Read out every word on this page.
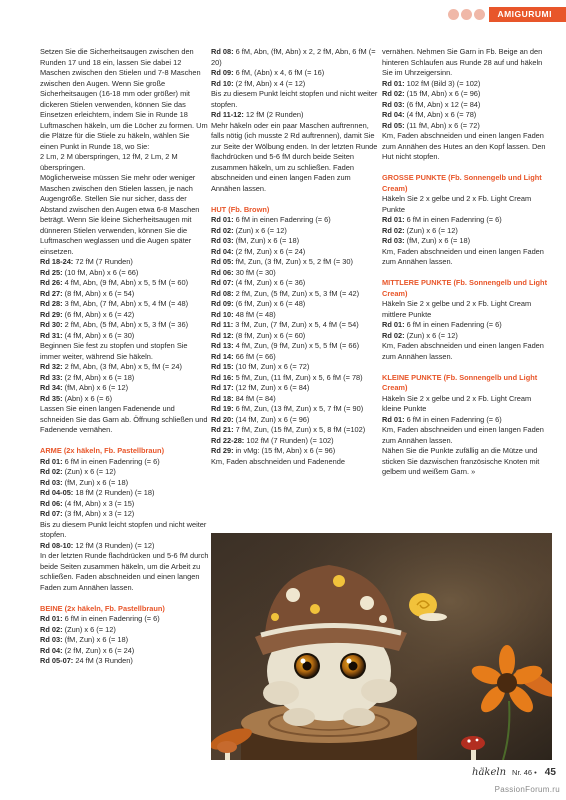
AMIGURUMI

Setzen Sie die Sicherheitsaugen zwischen den Runden 17 und 18 ein, lassen Sie dabei 12 Maschen zwischen den Stielen und 7-8 Maschen zwischen den Augen. Wenn Sie große Sicherheitsaugen (16-18 mm oder größer) mit dickeren Stielen verwenden, können Sie das Einsetzen erleichtern, indem Sie in Runde 18 Luftmaschen häkeln, um die Löcher zu formen. Um die Plätze für die Stiele zu häkeln, wählen Sie einen Punkt in Runde 18, wo Sie:

2 Lm, 2 M überspringen, 12 fM, 2 Lm, 2 M überspringen.

Möglicherweise müssen Sie mehr oder weniger Maschen zwischen den Stielen lassen, je nach Augengröße. Stellen Sie nur sicher, dass der Abstand zwischen den Augen etwa 6-8 Maschen beträgt. Wenn Sie kleine Sicherheitsaugen mit dünneren Stielen verwenden, können Sie die Luftmaschen weglassen und die Augen später einsetzen.

Rd 18-24: 72 fM (7 Runden)

Rd 25: (10 fM, Abn) x 6 (= 66)

Rd 26: 4 fM, Abn, (9 fM, Abn) x 5, 5 fM (= 60)

Rd 27: (8 fM, Abn) x 6 (= 54)

Rd 28: 3 fM, Abn, (7 fM, Abn) x 5, 4 fM (= 48)

Rd 29: (6 fM, Abn) x 6 (= 42)

Rd 30: 2 fM, Abn, (5 fM, Abn) x 5, 3 fM (= 36)

Rd 31: (4 fM, Abn) x 6 (= 30)

Beginnen Sie fest zu stopfen und stopfen Sie immer weiter, während Sie häkeln.

Rd 32: 2 fM, Abn, (3 fM, Abn) x 5, fM (= 24)

Rd 33: (2 fM, Abn) x 6 (= 18)

Rd 34: (fM, Abn) x 6 (= 12)

Rd 35: (Abn) x 6 (= 6)

Lassen Sie einen langen Fadenende und schneiden Sie das Garn ab. Öffnung schließen und Fadenende vernähen.

ARME (2x häkeln, Fb. Pastellbraun)

Rd 01: 6 fM in einen Fadenring (= 6)

Rd 02: (Zun) x 6 (= 12)

Rd 03: (fM, Zun) x 6 (= 18)

Rd 04-05: 18 fM (2 Runden) (= 18)

Rd 06: (4 fM, Abn) x 3 (= 15)

Rd 07: (3 fM, Abn) x 3 (= 12)

Bis zu diesem Punkt leicht stopfen und nicht weiter stopfen.

Rd 08-10: 12 fM (3 Runden) (= 12)

In der letzten Runde flachdrücken und 5-6 fM durch beide Seiten zusammen häkeln, um die Arbeit zu schließen. Faden abschneiden und einen langen Faden zum Annähen lassen.

BEINE (2x häkeln, Fb. Pastellbraun)

Rd 01: 6 fM in einen Fadenring (= 6)

Rd 02: (Zun) x 6 (= 12)

Rd 03: (fM, Zun) x 6 (= 18)

Rd 04: (2 fM, Zun) x 6 (= 24)

Rd 05-07: 24 fM (3 Runden)

Rd 08: 6 fM, Abn, (fM, Abn) x 2, 2 fM, Abn, 6 fM (= 20)

Rd 09: 6 fM, (Abn) x 4, 6 fM (= 16)

Rd 10: (2 fM, Abn) x 4 (= 12)

Bis zu diesem Punkt leicht stopfen und nicht weiter stopfen.

Rd 11-12: 12 fM (2 Runden)

Mehr häkeln oder ein paar Maschen auftrennen, falls nötig (ich musste 2 Rd auftrennen), damit Sie zur Seite der Wölbung enden. In der letzten Runde flachdrücken und 5-6 fM durch beide Seiten zusammen häkeln, um zu schließen. Faden abschneiden und einen langen Faden zum Annähen lassen.

HUT (Fb. Brown)

Rd 01: 6 fM in einen Fadenring (= 6)

Rd 02: (Zun) x 6 (= 12)

Rd 03: (fM, Zun) x 6 (= 18)

Rd 04: (2 fM, Zun) x 6 (= 24)

Rd 05: fM, Zun, (3 fM, Zun) x 5, 2 fM (= 30)

Rd 06: 30 fM (= 30)

Rd 07: (4 fM, Zun) x 6 (= 36)

Rd 08: 2 fM, Zun, (5 fM, Zun) x 5, 3 fM (= 42)

Rd 09: (6 fM, Zun) x 6 (= 48)

Rd 10: 48 fM (= 48)

Rd 11: 3 fM, Zun, (7 fM, Zun) x 5, 4 fM (= 54)

Rd 12: (8 fM, Zun) x 6 (= 60)

Rd 13: 4 fM, Zun, (9 fM, Zun) x 5, 5 fM (= 66)

Rd 14: 66 fM (= 66)

Rd 15: (10 fM, Zun) x 6 (= 72)

Rd 16: 5 fM, Zun, (11 fM, Zun) x 5, 6 fM (= 78)

Rd 17: (12 fM, Zun) x 6 (= 84)

Rd 18: 84 fM (= 84)

Rd 19: 6 fM, Zun, (13 fM, Zun) x 5, 7 fM (= 90)

Rd 20: (14 fM, Zun) x 6 (= 96)

Rd 21: 7 fM, Zun, (15 fM, Zun) x 5, 8 fM (=102)

Rd 22-28: 102 fM (7 Runden) (= 102)

Rd 29: in vMg: (15 fM, Abn) x 6 (= 96)

Km, Faden abschneiden und Fadenende

vernähen. Nehmen Sie Garn in Fb. Beige an den hinteren Schlaufen aus Runde 28 auf und häkeln Sie im Uhrzeigersinn.

Rd 01: 102 fM (Bild 3) (= 102)

Rd 02: (15 fM, Abn) x 6 (= 96)

Rd 03: (6 fM, Abn) x 12 (= 84)

Rd 04: (4 fM, Abn) x 6 (= 78)

Rd 05: (11 fM, Abn) x 6 (= 72)

Km, Faden abschneiden und einen langen Faden zum Annähen des Hutes an den Kopf lassen. Den Hut nicht stopfen.

GROSSE PUNKTE (Fb. Sonnengelb und Light Cream)

Häkeln Sie 2 x gelbe und 2 x Fb. Light Cream Punkte

Rd 01: 6 fM in einen Fadenring (= 6)

Rd 02: (Zun) x 6 (= 12)

Rd 03: (fM, Zun) x 6 (= 18)

Km, Faden abschneiden und einen langen Faden zum Annähen lassen.

MITTLERE PUNKTE (Fb. Sonnengelb und Light Cream)

Häkeln Sie 2 x gelbe und 2 x Fb. Light Cream mittlere Punkte

Rd 01: 6 fM in einen Fadenring (= 6)

Rd 02: (Zun) x 6 (= 12)

Km, Faden abschneiden und einen langen Faden zum Annähen lassen.

KLEINE PUNKTE (Fb. Sonnengelb und Light Cream)

Häkeln Sie 2 x gelbe und 2 x Fb. Light Cream kleine Punkte

Rd 01: 6 fM in einen Fadenring (= 6)

Km, Faden abschneiden und einen langen Faden zum Annähen lassen.

Nähen Sie die Punkte zufällig an die Mütze und sticken Sie dazwischen französische Knoten mit gelbem und weißem Garn. »

häkeln Nr. 46 • 45
PassionForum.ru
